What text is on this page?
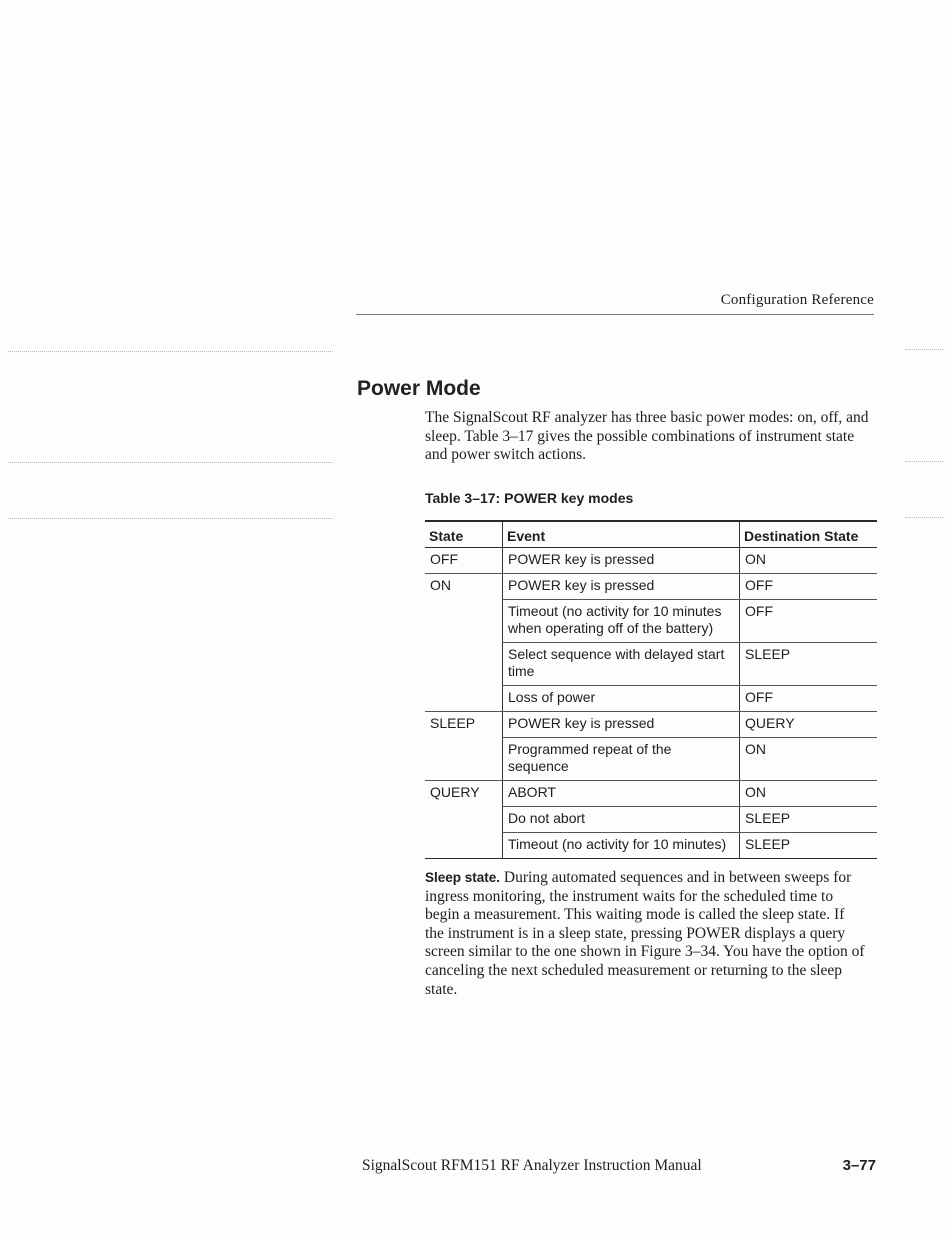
Configuration Reference
Power Mode
The SignalScout RF analyzer has three basic power modes: on, off, and sleep. Table 3–17 gives the possible combinations of instrument state and power switch actions.
Table 3–17: POWER key modes
State	Event	Destination State
OFF	POWER key is pressed	ON
ON	POWER key is pressed	OFF
	Timeout (no activity for 10 minutes when operating off of the battery)	OFF
	Select sequence with delayed start time	SLEEP
	Loss of power	OFF
SLEEP	POWER key is pressed	QUERY
	Programmed repeat of the sequence	ON
QUERY	ABORT	ON
	Do not abort	SLEEP
	Timeout (no activity for 10 minutes)	SLEEP
Sleep state. During automated sequences and in between sweeps for ingress monitoring, the instrument waits for the scheduled time to begin a measurement. This waiting mode is called the sleep state. If the instrument is in a sleep state, pressing POWER displays a query screen similar to the one shown in Figure 3–34. You have the option of canceling the next scheduled measurement or returning to the sleep state.
SignalScout RFM151 RF Analyzer Instruction Manual	3–77
